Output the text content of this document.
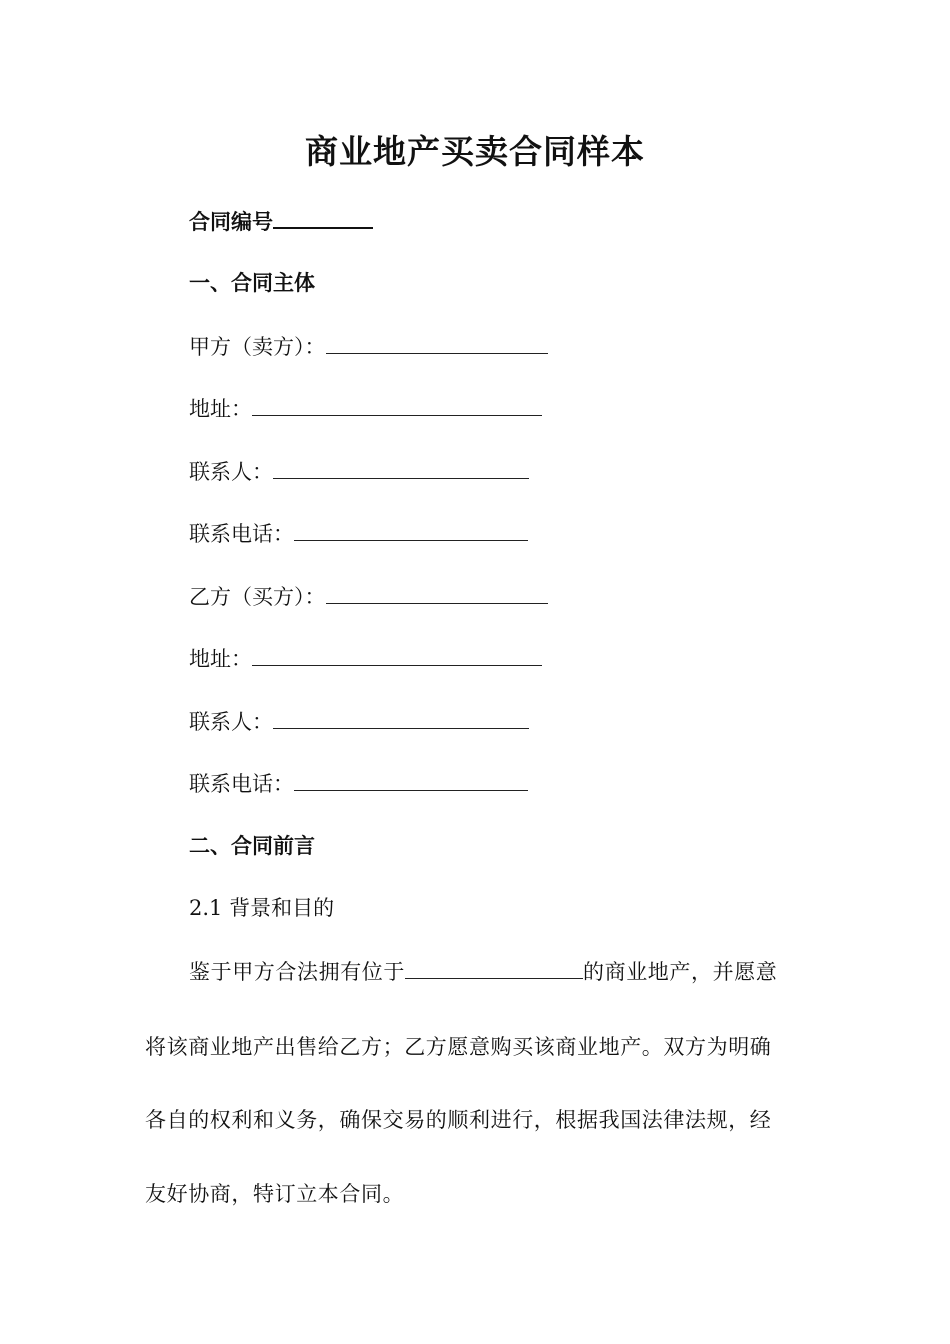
商业地产买卖合同样本
合同编号
一、合同主体
甲方（卖方）：
地址：
联系人：
联系电话：
乙方（买方）：
地址：
联系人：
联系电话：
二、合同前言
2.1 背景和目的
鉴于甲方合法拥有位于	的商业地产，并愿意
将该商业地产出售给乙方；乙方愿意购买该商业地产。双方为明确
各自的权利和义务，确保交易的顺利进行，根据我国法律法规，经
友好协商，特订立本合同。
